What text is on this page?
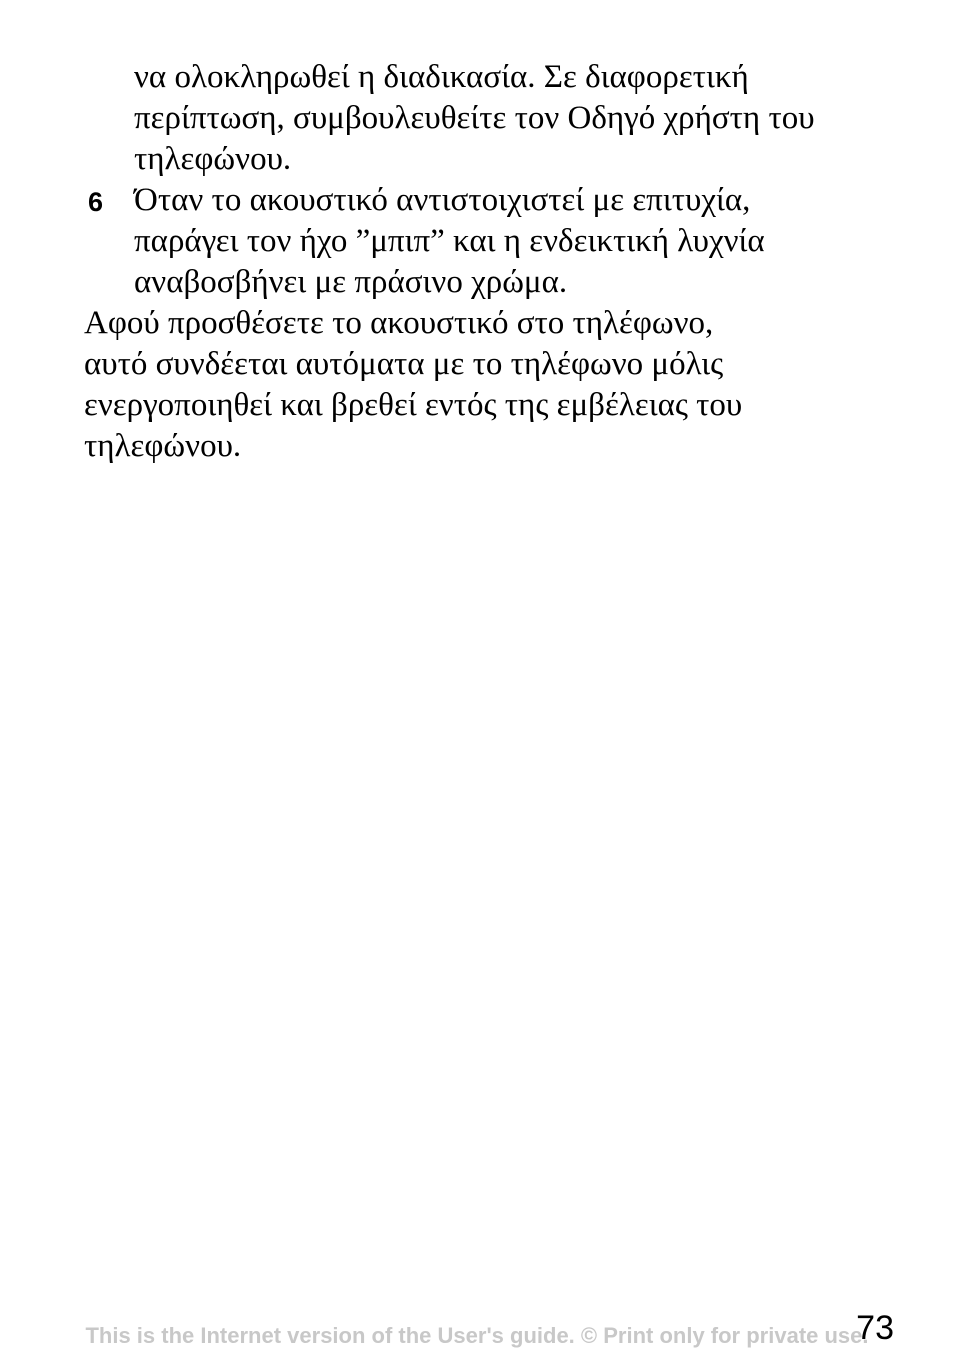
να ολοκληρωθεί η διαδικασία. Σε διαφορετική
περίπτωση, συμβουλευθείτε τον Οδηγό χρήστη του
τηλεφώνου.
6 Όταν το ακουστικό αντιστοιχιστεί με επιτυχία,
παράγει τον ήχο ”μπιπ” και η ενδεικτική λυχνία
αναβοσβήνει με πράσινο χρώμα.
Αφού προσθέσετε το ακουστικό στο τηλέφωνο,
αυτό συνδέεται αυτόματα με το τηλέφωνο μόλις
ενεργοποιηθεί και βρεθεί εντός της εμβέλειας του
τηλεφώνου.
73
This is the Internet version of the User's guide. © Print only for private use.
